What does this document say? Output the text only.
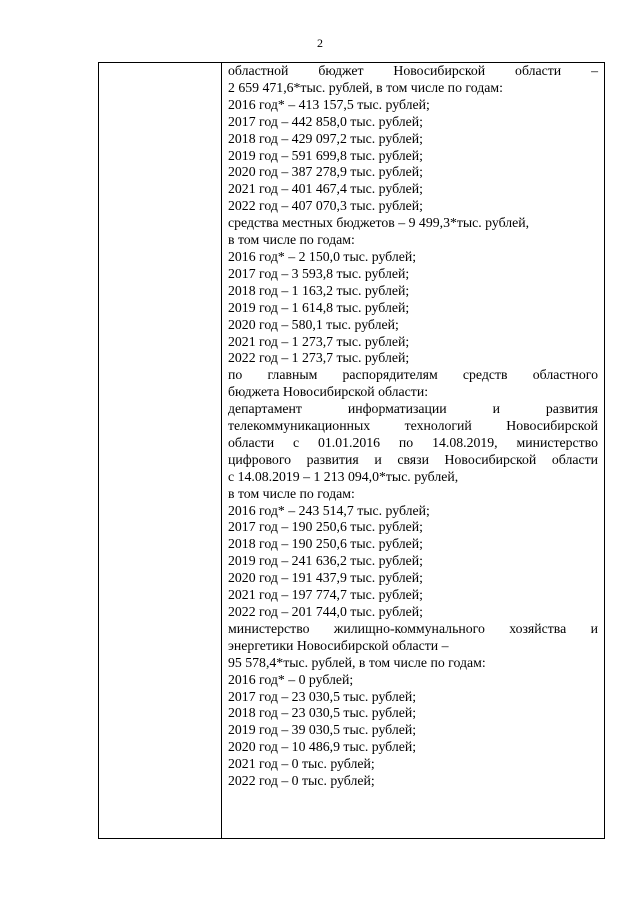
2

областной бюджет Новосибирской области –

2 659 471,6*тыс. рублей, в том числе по годам:

2016 год* – 413 157,5 тыс. рублей;

2017 год – 442 858,0 тыс. рублей;

2018 год – 429 097,2 тыс. рублей;

2019 год – 591 699,8 тыс. рублей;

2020 год – 387 278,9 тыс. рублей;

2021 год – 401 467,4 тыс. рублей;

2022 год – 407 070,3 тыс. рублей;

средства местных бюджетов – 9 499,3*тыс. рублей,

в том числе по годам:

2016 год* – 2 150,0 тыс. рублей;

2017 год – 3 593,8 тыс. рублей;

2018 год – 1 163,2 тыс. рублей;

2019 год – 1 614,8 тыс. рублей;

2020 год – 580,1 тыс. рублей;

2021 год – 1 273,7 тыс. рублей;

2022 год – 1 273,7 тыс. рублей;

по главным распорядителям средств областного

бюджета Новосибирской области:

департамент информатизации и развития

телекоммуникационных технологий Новосибирской

области с 01.01.2016 по 14.08.2019, министерство

цифрового развития и связи Новосибирской области

с 14.08.2019 – 1 213 094,0*тыс. рублей,

в том числе по годам:

2016 год* – 243 514,7 тыс. рублей;

2017 год – 190 250,6 тыс. рублей;

2018 год – 190 250,6 тыс. рублей;

2019 год – 241 636,2 тыс. рублей;

2020 год – 191 437,9 тыс. рублей;

2021 год – 197 774,7 тыс. рублей;

2022 год – 201 744,0 тыс. рублей;

министерство жилищно-коммунального хозяйства и

энергетики Новосибирской области –

95 578,4*тыс. рублей, в том числе по годам:

2016 год* – 0 рублей;

2017 год – 23 030,5 тыс. рублей;

2018 год – 23 030,5 тыс. рублей;

2019 год – 39 030,5 тыс. рублей;

2020 год – 10 486,9 тыс. рублей;

2021 год – 0 тыс. рублей;

2022 год – 0 тыс. рублей;
